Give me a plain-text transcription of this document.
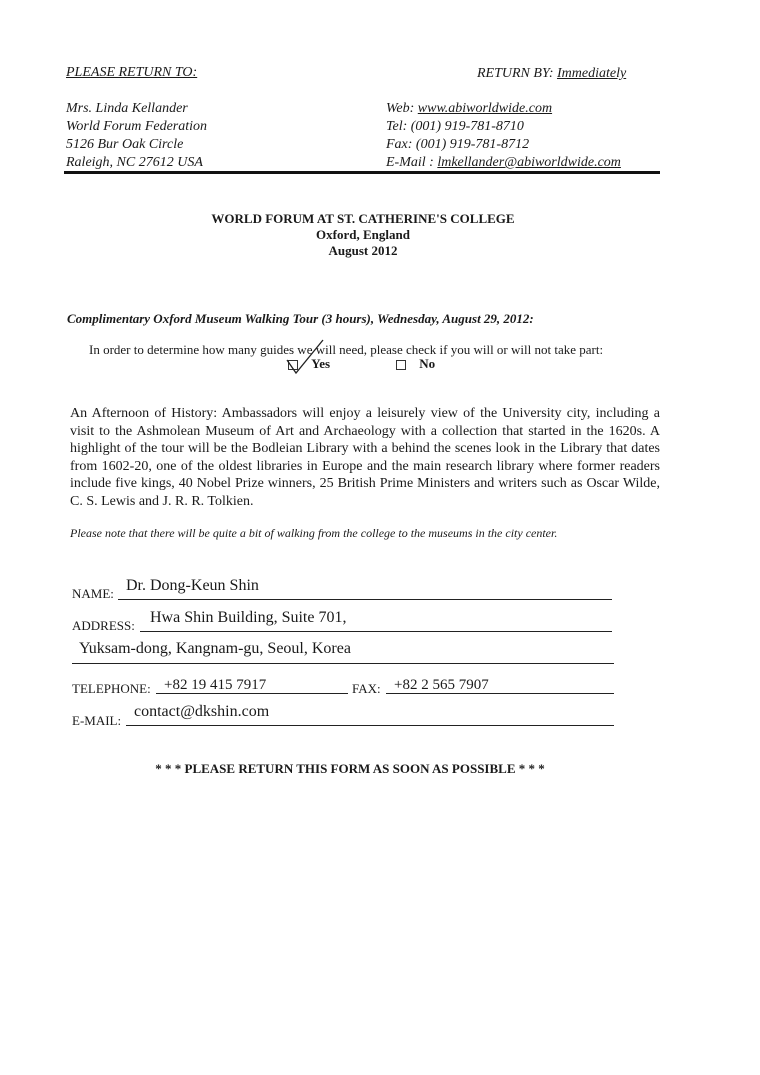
PLEASE RETURN TO:	RETURN BY: Immediately
Mrs. Linda Kellander
World Forum Federation
5126 Bur Oak Circle
Raleigh, NC 27612 USA
Web: www.abiworldwide.com
Tel: (001) 919-781-8710
Fax: (001) 919-781-8712
E-Mail : lmkellander@abiworldwide.com
WORLD FORUM AT ST. CATHERINE'S COLLEGE
Oxford, England
August 2012
Complimentary Oxford Museum Walking Tour (3 hours), Wednesday, August 29, 2012:
In order to determine how many guides we will need, please check if you will or will not take part:
Yes	No
An Afternoon of History: Ambassadors will enjoy a leisurely view of the University city, including a visit to the Ashmolean Museum of Art and Archaeology with a collection that started in the 1620s. A highlight of the tour will be the Bodleian Library with a behind the scenes look in the Library that dates from 1602-20, one of the oldest libraries in Europe and the main research library where former readers include five kings, 40 Nobel Prize winners, 25 British Prime Ministers and writers such as Oscar Wilde, C. S. Lewis and J. R. R. Tolkien.
Please note that there will be quite a bit of walking from the college to the museums in the city center.
NAME: Dr. Dong-Keun Shin
ADDRESS: Hwa Shin Building, Suite 701,
Yuksam-dong, Kangnam-gu, Seoul, Korea
TELEPHONE: +82 19 415 7917	FAX: +82 2 565 7907
E-MAIL:
contact@dkshin.com
* * * PLEASE RETURN THIS FORM AS SOON AS POSSIBLE * * *
